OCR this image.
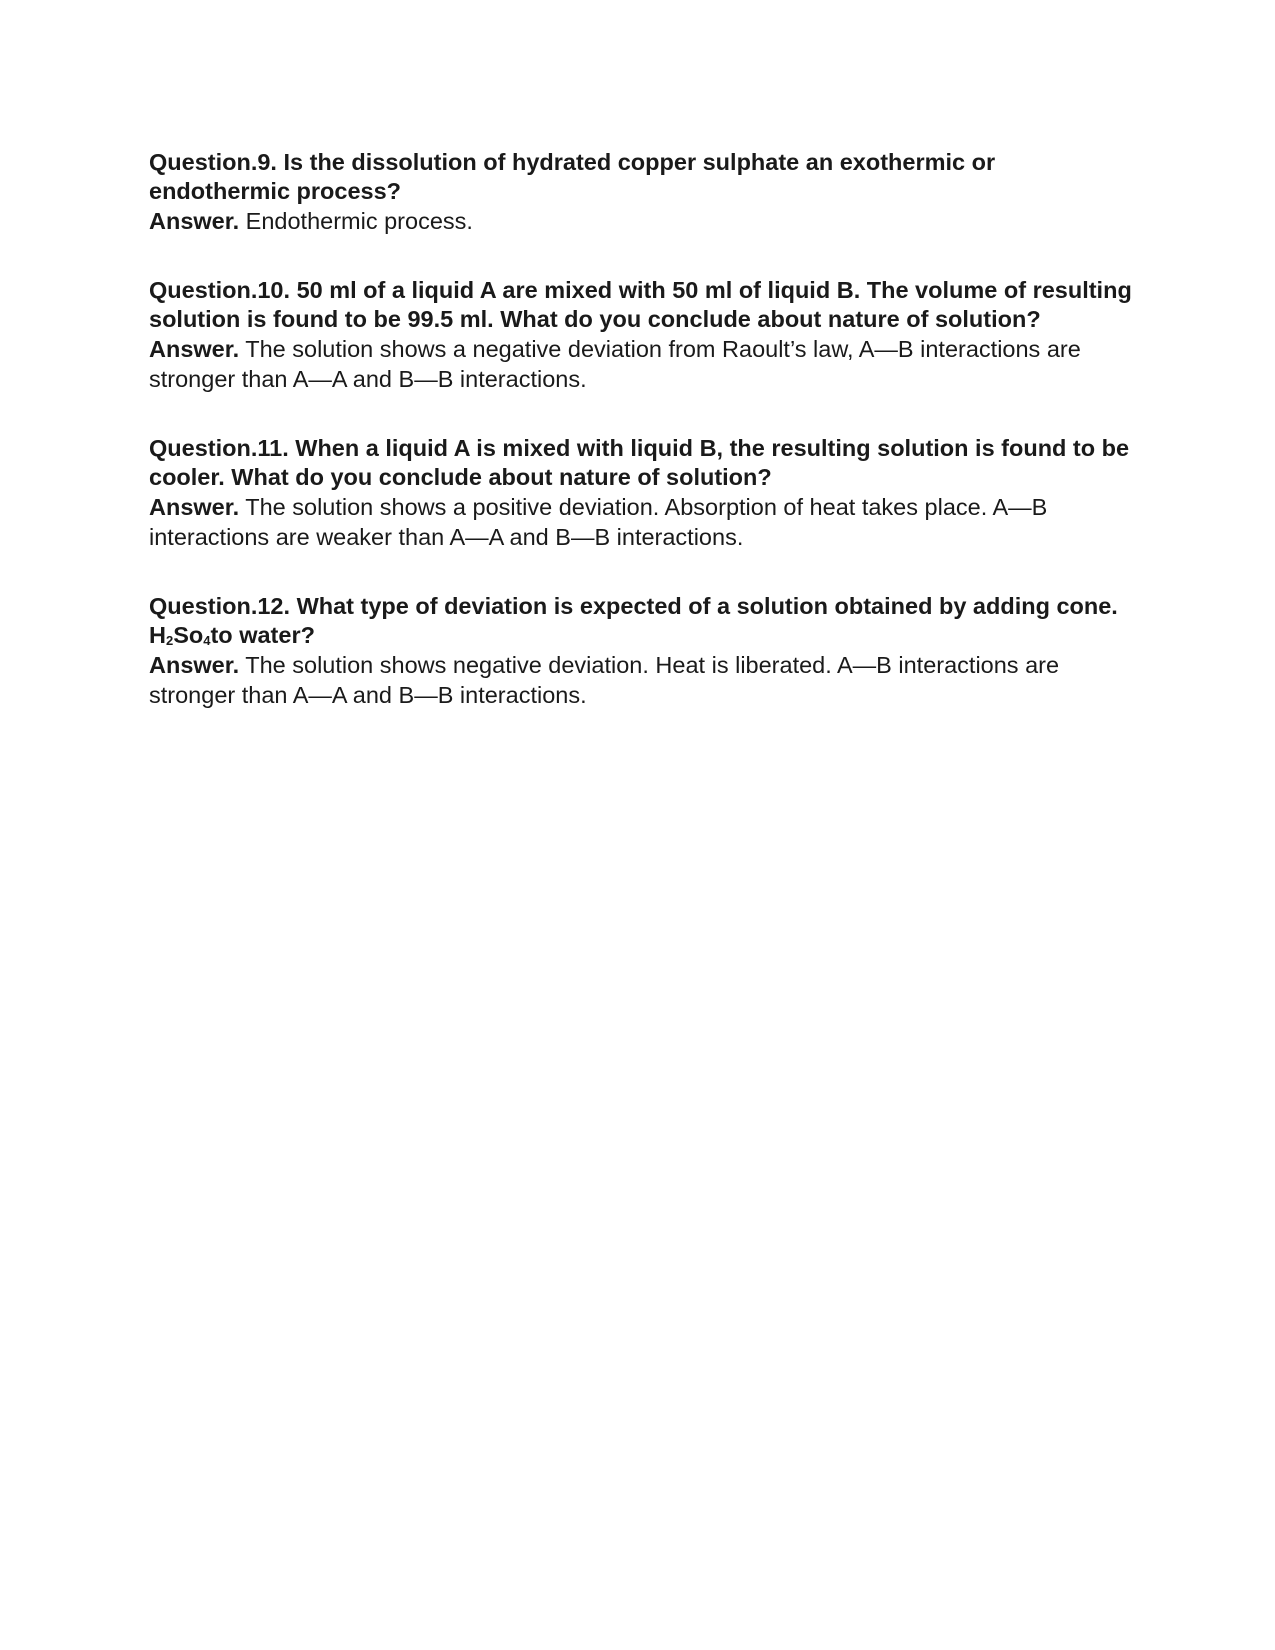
Question.9. Is the dissolution of hydrated copper sulphate an exothermic or endothermic process?

Answer. Endothermic process.

Question.10. 50 ml of a liquid A are mixed with 50 ml of liquid B. The volume of resulting solution is found to be 99.5 ml. What do you conclude about nature of solution?

Answer. The solution shows a negative deviation from Raoult’s law, A—B interactions are stronger than A—A and B—B interactions.

Question.11. When a liquid A is mixed with liquid B, the resulting solution is found to be cooler. What do you conclude about nature of solution?

Answer. The solution shows a positive deviation. Absorption of heat takes place. A—B interactions are weaker than A—A and B—B interactions.

Question.12. What type of deviation is expected of a solution obtained by adding cone. $H_2So_4to$ water?

Answer. The solution shows negative deviation. Heat is liberated. A—B interactions are stronger than A—A and B—B interactions.
